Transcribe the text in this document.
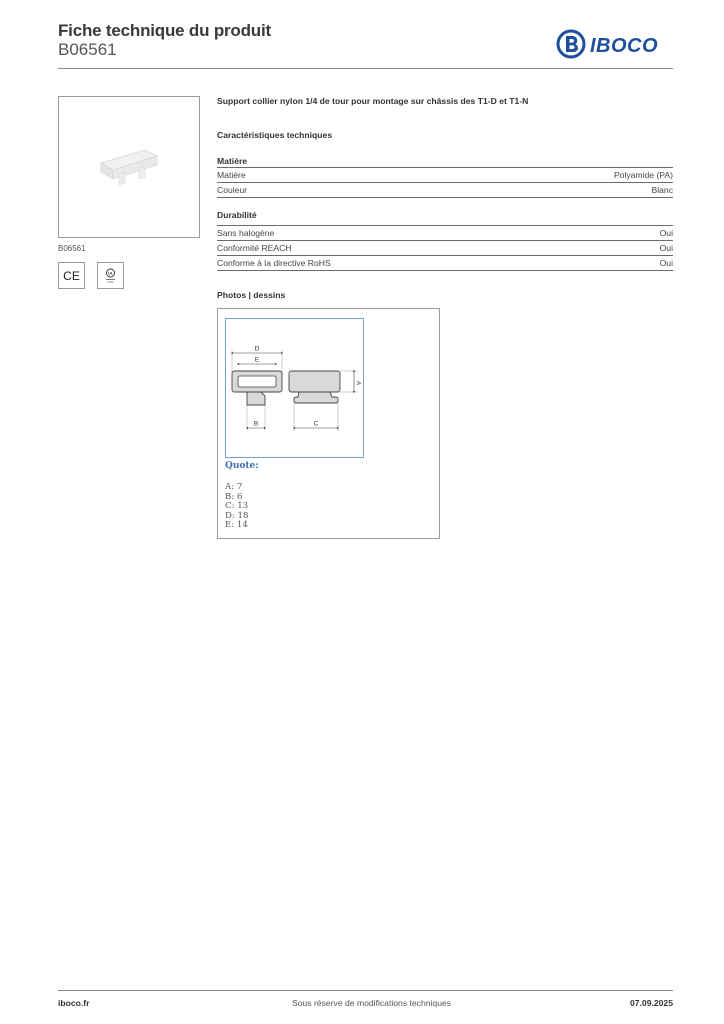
Fiche technique du produit
B06561	IBOCO
B06561
CE	UL
Support collier nylon 1/4 de tour pour montage sur châssis des T1-D et T1-N
Caractéristiques techniques
Matière
Matière	Polyamide (PA)
Couleur	Blanc
Durabilité
Sans halogène	Oui
Conformité REACH	Oui
Conforme à la directive RoHS	Oui
Photos | dessins
D
E
B	C
A
Quote:
A: 7
B: 6
C: 13
D: 18
E: 14
iboco.fr	Sous réserve de modifications techniques	07.09.2025
